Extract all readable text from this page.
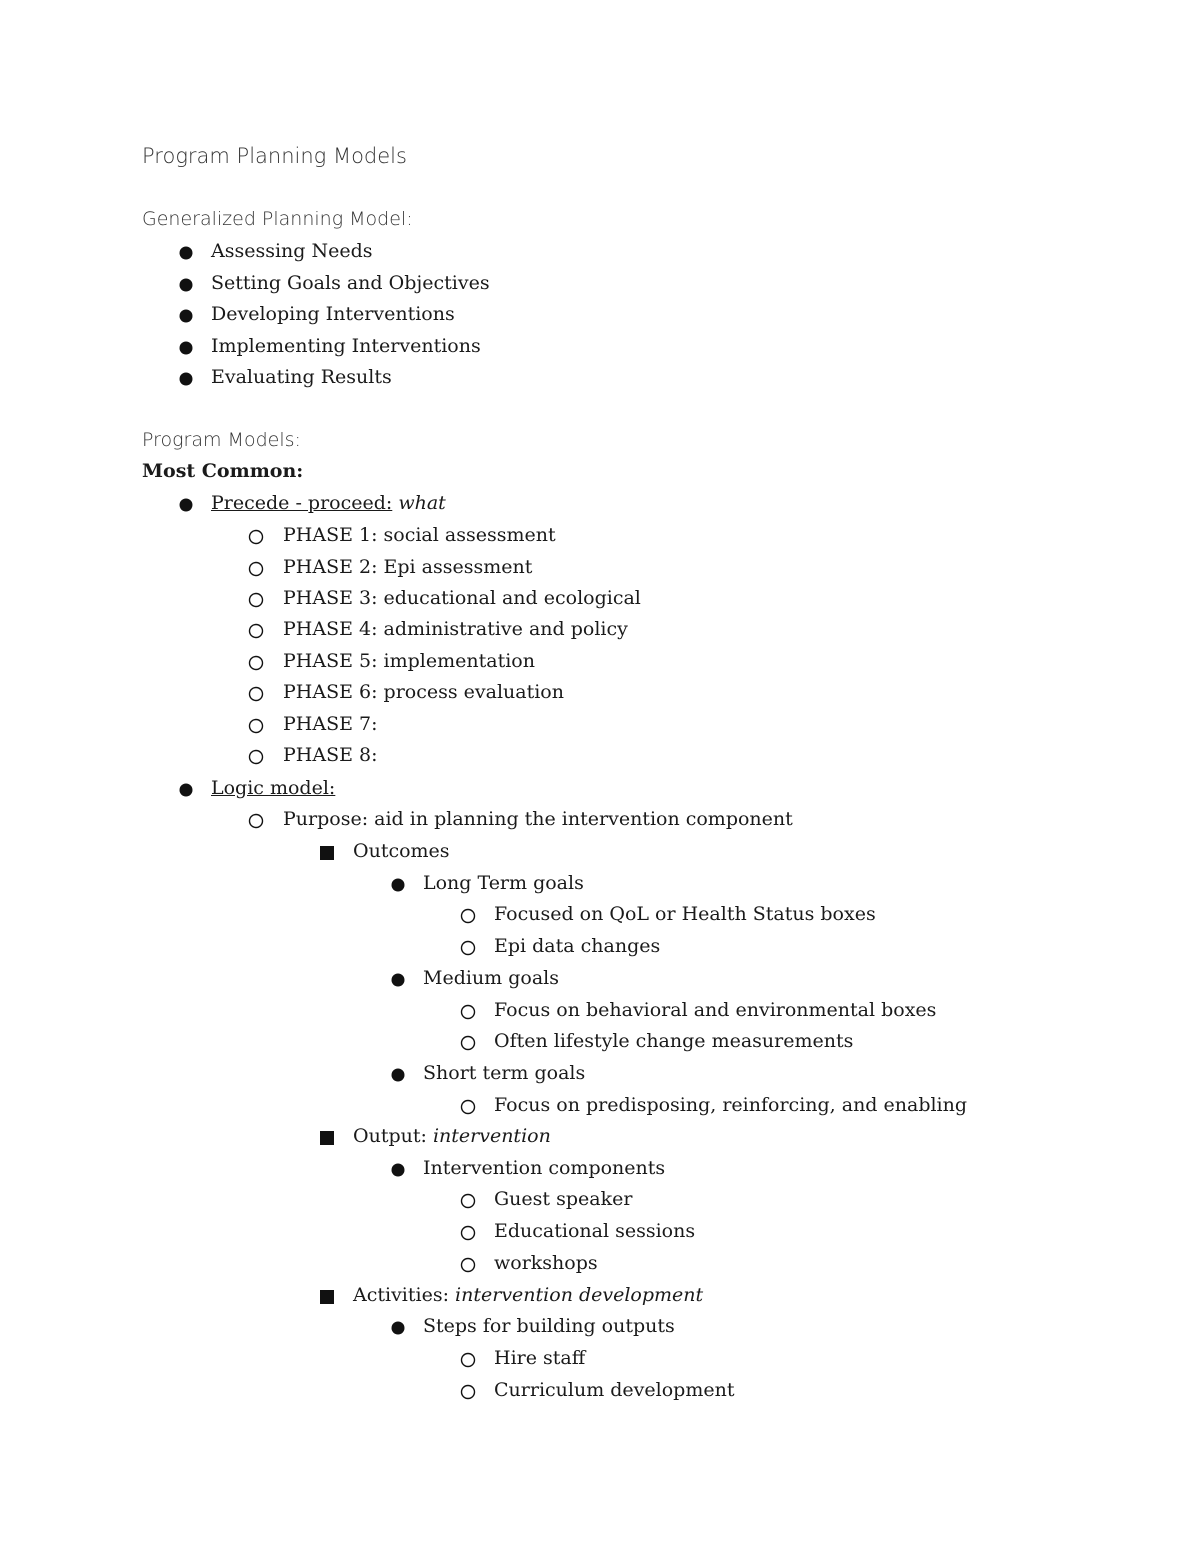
Program Planning Models
Generalized Planning Model:
Assessing Needs
Setting Goals and Objectives
Developing Interventions
Implementing Interventions
Evaluating Results
Program Models:
Most Common:
Precede - proceed: what
PHASE 1: social assessment
PHASE 2: Epi assessment
PHASE 3: educational and ecological
PHASE 4: administrative and policy
PHASE 5: implementation
PHASE 6: process evaluation
PHASE 7:
PHASE 8:
Logic model:
Purpose: aid in planning the intervention component
Outcomes
Long Term goals
Focused on QoL or Health Status boxes
Epi data changes
Medium goals
Focus on behavioral and environmental boxes
Often lifestyle change measurements
Short term goals
Focus on predisposing, reinforcing, and enabling
Output: intervention
Intervention components
Guest speaker
Educational sessions
workshops
Activities: intervention development
Steps for building outputs
Hire staff
Curriculum development
